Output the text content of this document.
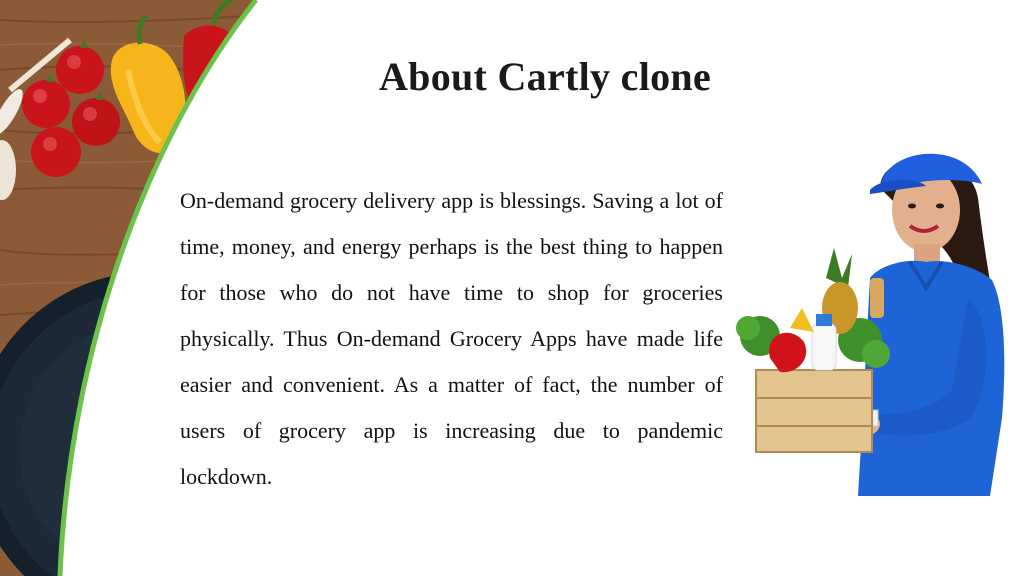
About Cartly clone

On-demand grocery delivery app is blessings. Saving a lot of time, money, and energy perhaps is the best thing to happen for those who do not have time to shop for groceries physically. Thus On-demand Grocery Apps have made life easier and convenient. As a matter of fact, the number of users of grocery app is increasing due to pandemic lockdown.
